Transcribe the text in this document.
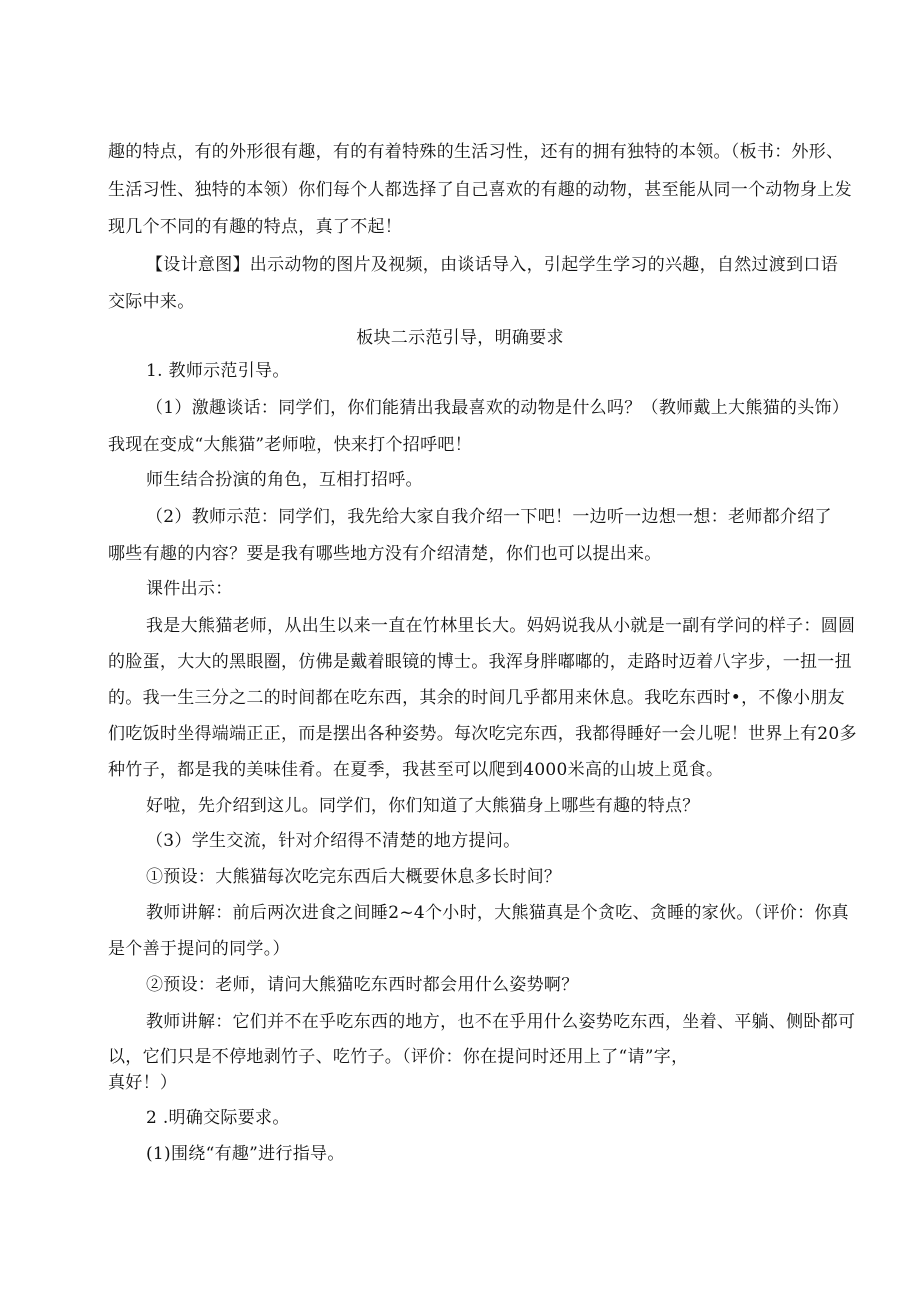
趣的特点，有的外形很有趣，有的有着特殊的生活习性，还有的拥有独特的本领。（板书：外形、
生活习性、独特的本领）你们每个人都选择了自己喜欢的有趣的动物，甚至能从同一个动物身上发
现几个不同的有趣的特点，真了不起！
【设计意图】出示动物的图片及视频，由谈话导入，引起学生学习的兴趣，自然过渡到口语
交际中来。
板块二示范引导，明确要求
1. 教师示范引导。
（1）激趣谈话：同学们，你们能猜出我最喜欢的动物是什么吗？（教师戴上大熊猫的头饰）
我现在变成“大熊猫”老师啦，快来打个招呼吧！
师生结合扮演的角色，互相打招呼。
（2）教师示范：同学们，我先给大家自我介绍一下吧！一边听一边想一想：老师都介绍了
哪些有趣的内容？要是我有哪些地方没有介绍清楚，你们也可以提出来。
课件出示：
我是大熊猫老师，从出生以来一直在竹林里长大。妈妈说我从小就是一副有学问的样子：圆圆
的脸蛋，大大的黑眼圈，仿佛是戴着眼镜的博士。我浑身胖嘟嘟的，走路时迈着八字步，一扭一扭
的。我一生三分之二的时间都在吃东西，其余的时间几乎都用来休息。我吃东西时•，不像小朋友
们吃饭时坐得端端正正，而是摆出各种姿势。每次吃完东西，我都得睡好一会儿呢！世界上有20多
种竹子，都是我的美味佳肴。在夏季，我甚至可以爬到4000米高的山坡上觅食。
好啦，先介绍到这儿。同学们，你们知道了大熊猫身上哪些有趣的特点？
（3）学生交流，针对介绍得不清楚的地方提问。
①预设：大熊猫每次吃完东西后大概要休息多长时间？
教师讲解：前后两次进食之间睡2~4个小时，大熊猫真是个贪吃、贪睡的家伙。（评价：你真
是个善于提问的同学。）
②预设：老师，请问大熊猫吃东西时都会用什么姿势啊？
教师讲解：它们并不在乎吃东西的地方，也不在乎用什么姿势吃东西，坐着、平躺、侧卧都可
以，它们只是不停地剥竹子、吃竹子。（评价：你在提问时还用上了“请”字，
真好！）
2 .明确交际要求。
(1)围绕“有趣”进行指导。
